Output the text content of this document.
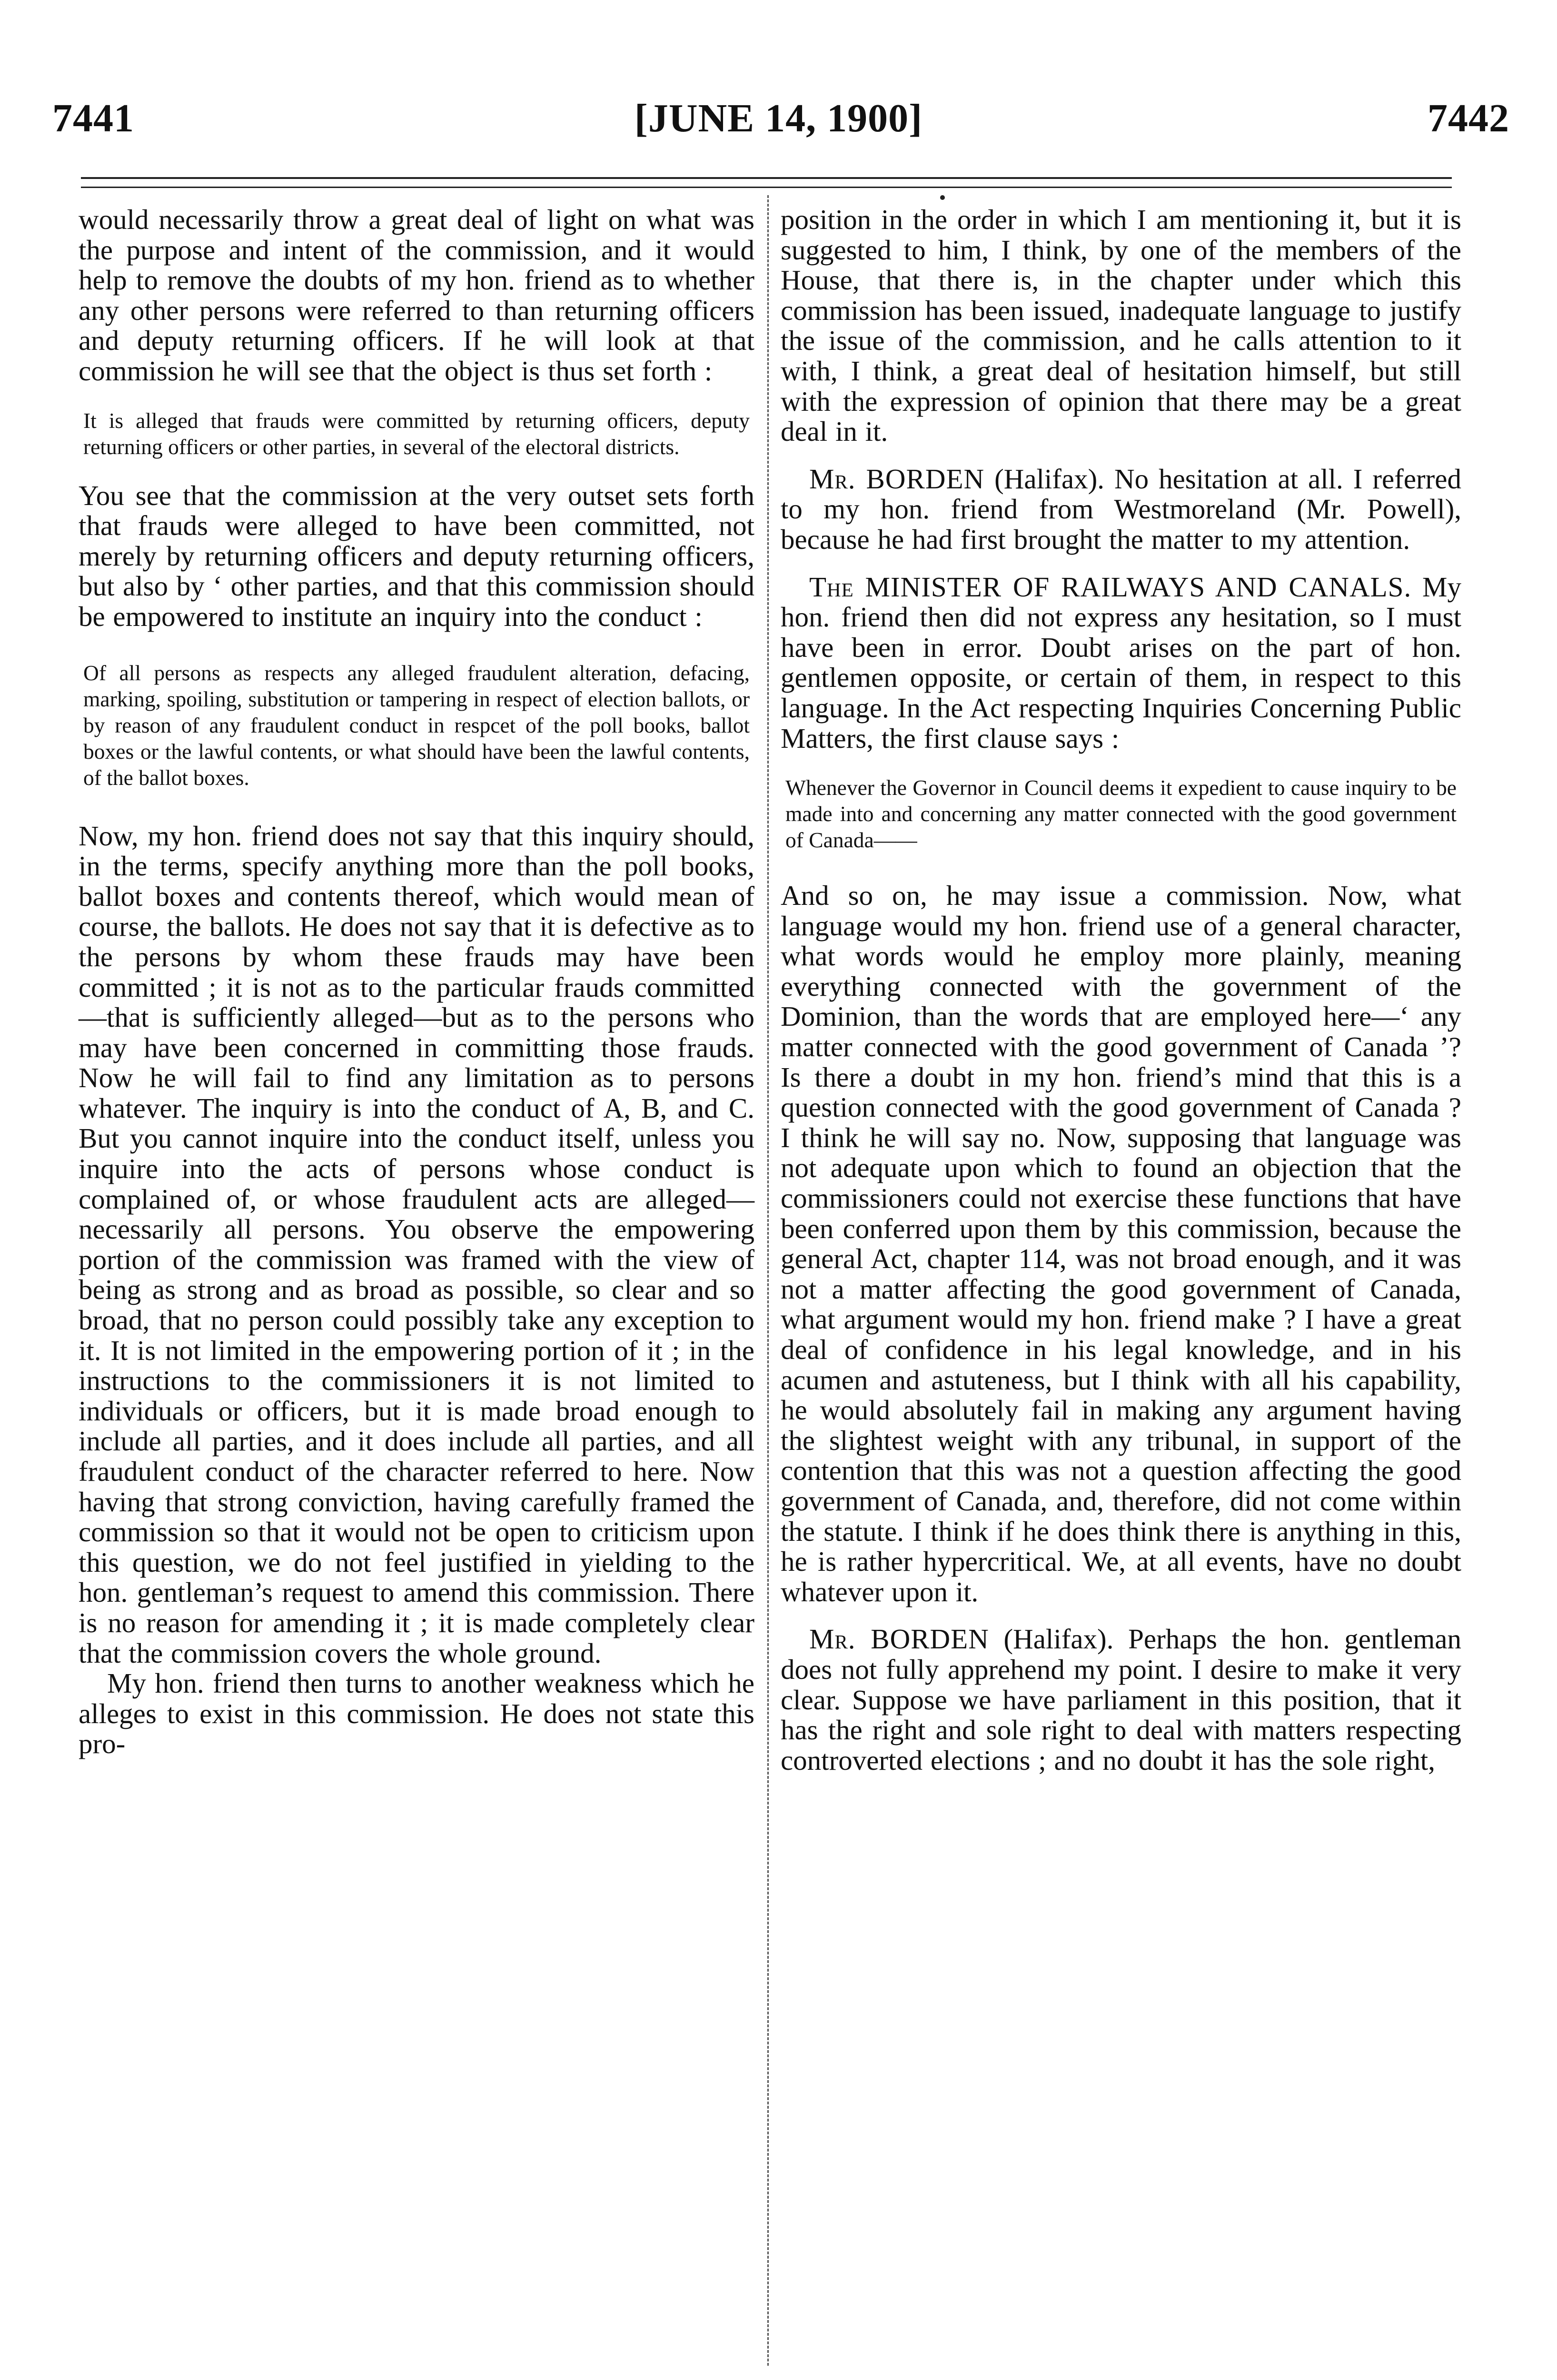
7441	[JUNE 14, 1900]	7442

would necessarily throw a great deal of light on what was the purpose and intent of the commission, and it would help to remove the doubts of my hon. friend as to whether any other persons were referred to than returning officers and deputy returning officers. If he will look at that commission he will see that the object is thus set forth :

It is alleged that frauds were committed by returning officers, deputy returning officers or other parties, in several of the electoral districts.

You see that the commission at the very outset sets forth that frauds were alleged to have been committed, not merely by returning officers and deputy returning officers, but also by ‘ other parties, and that this commission should be empowered to institute an inquiry into the conduct :

Of all persons as respects any alleged fraudulent alteration, defacing, marking, spoiling, substitution or tampering in respect of election ballots, or by reason of any fraudulent conduct in respcet of the poll books, ballot boxes or the lawful contents, or what should have been the lawful contents, of the ballot boxes.

Now, my hon. friend does not say that this inquiry should, in the terms, specify anything more than the poll books, ballot boxes and contents thereof, which would mean of course, the ballots. He does not say that it is defective as to the persons by whom these frauds may have been committed ; it is not as to the particular frauds committed—that is sufficiently alleged—but as to the persons who may have been concerned in committing those frauds. Now he will fail to find any limitation as to persons whatever. The inquiry is into the conduct of A, B, and C. But you cannot inquire into the conduct itself, unless you inquire into the acts of persons whose conduct is complained of, or whose fraudulent acts are alleged—necessarily all persons. You observe the empowering portion of the commission was framed with the view of being as strong and as broad as possible, so clear and so broad, that no person could possibly take any exception to it. It is not limited in the empowering portion of it ; in the instructions to the commissioners it is not limited to individuals or officers, but it is made broad enough to include all parties, and it does include all parties, and all fraudulent conduct of the character referred to here. Now having that strong conviction, having carefully framed the commission so that it would not be open to criticism upon this question, we do not feel justified in yielding to the hon. gentleman’s request to amend this commission. There is no reason for amending it ; it is made completely clear that the commission covers the whole ground.

My hon. friend then turns to another weakness which he alleges to exist in this commission. He does not state this pro-

position in the order in which I am mentioning it, but it is suggested to him, I think, by one of the members of the House, that there is, in the chapter under which this commission has been issued, inadequate language to justify the issue of the commission, and he calls attention to it with, I think, a great deal of hesitation himself, but still with the expression of opinion that there may be a great deal in it.

Mr. BORDEN (Halifax). No hesitation at all. I referred to my hon. friend from Westmoreland (Mr. Powell), because he had first brought the matter to my attention.

The MINISTER OF RAILWAYS AND CANALS. My hon. friend then did not express any hesitation, so I must have been in error. Doubt arises on the part of hon. gentlemen opposite, or certain of them, in respect to this language. In the Act respecting Inquiries Concerning Public Matters, the first clause says :

Whenever the Governor in Council deems it expedient to cause inquiry to be made into and concerning any matter connected with the good government of Canada——

And so on, he may issue a commission. Now, what language would my hon. friend use of a general character, what words would he employ more plainly, meaning everything connected with the government of the Dominion, than the words that are employed here—‘ any matter connected with the good government of Canada ’? Is there a doubt in my hon. friend’s mind that this is a question connected with the good government of Canada ? I think he will say no. Now, supposing that language was not adequate upon which to found an objection that the commissioners could not exercise these functions that have been conferred upon them by this commission, because the general Act, chapter 114, was not broad enough, and it was not a matter affecting the good government of Canada, what argument would my hon. friend make ? I have a great deal of confidence in his legal knowledge, and in his acumen and astuteness, but I think with all his capability, he would absolutely fail in making any argument having the slightest weight with any tribunal, in support of the contention that this was not a question affecting the good government of Canada, and, therefore, did not come within the statute. I think if he does think there is anything in this, he is rather hypercritical. We, at all events, have no doubt whatever upon it.

Mr. BORDEN (Halifax). Perhaps the hon. gentleman does not fully apprehend my point. I desire to make it very clear. Suppose we have parliament in this position, that it has the right and sole right to deal with matters respecting controverted elections ; and no doubt it has the sole right,
